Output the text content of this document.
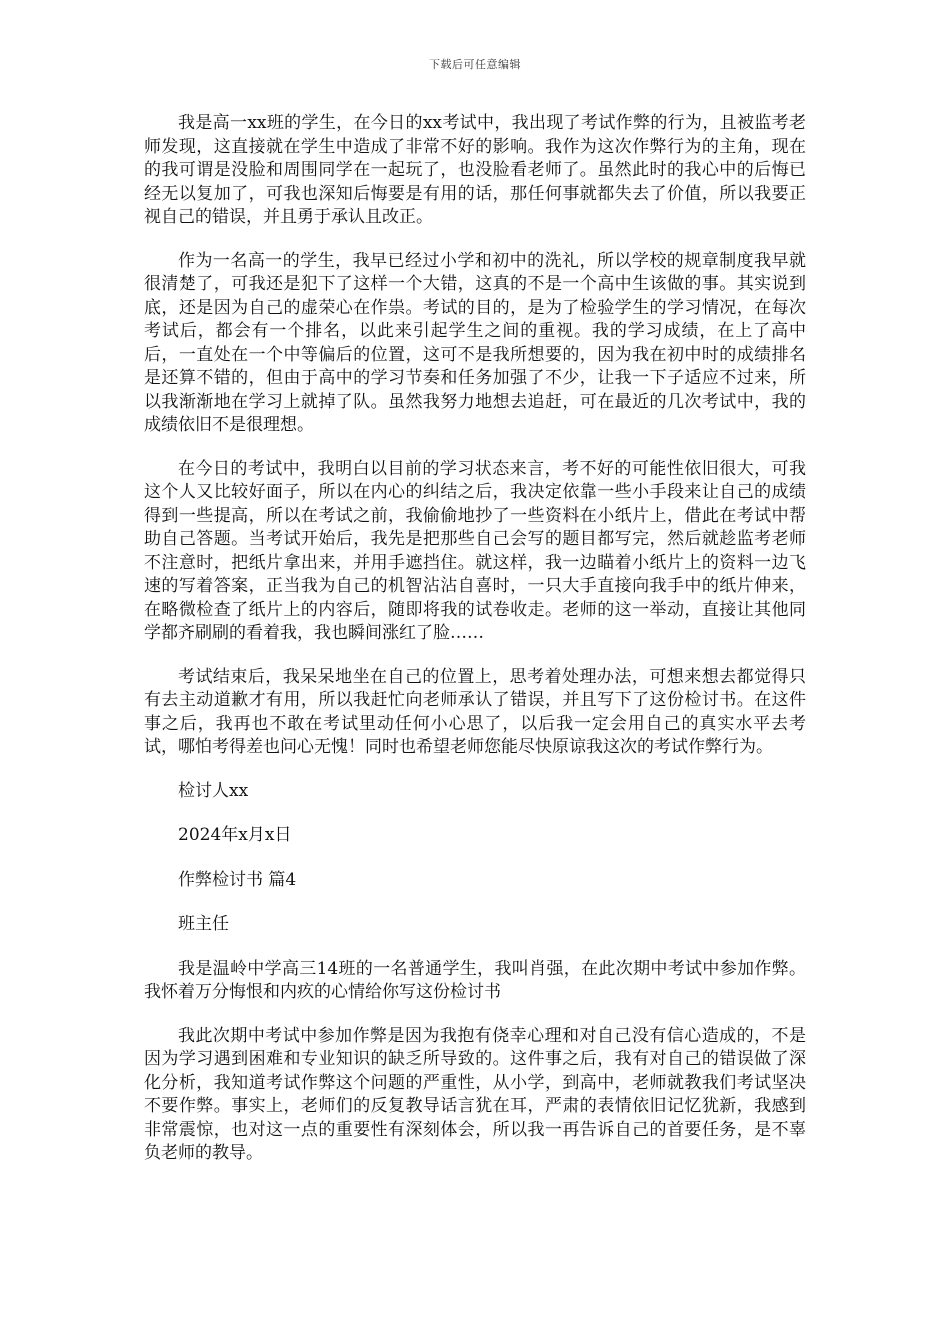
下载后可任意编辑

我是高一xx班的学生，在今日的xx考试中，我出现了考试作弊的行为，且被监考老师发现，这直接就在学生中造成了非常不好的影响。我作为这次作弊行为的主角，现在的我可谓是没脸和周围同学在一起玩了，也没脸看老师了。虽然此时的我心中的后悔已经无以复加了，可我也深知后悔要是有用的话，那任何事就都失去了价值，所以我要正视自己的错误，并且勇于承认且改正。

作为一名高一的学生，我早已经过小学和初中的洗礼，所以学校的规章制度我早就很清楚了，可我还是犯下了这样一个大错，这真的不是一个高中生该做的事。其实说到底，还是因为自己的虚荣心在作祟。考试的目的，是为了检验学生的学习情况，在每次考试后，都会有一个排名，以此来引起学生之间的重视。我的学习成绩，在上了高中后，一直处在一个中等偏后的位置，这可不是我所想要的，因为我在初中时的成绩排名是还算不错的，但由于高中的学习节奏和任务加强了不少，让我一下子适应不过来，所以我渐渐地在学习上就掉了队。虽然我努力地想去追赶，可在最近的几次考试中，我的成绩依旧不是很理想。

在今日的考试中，我明白以目前的学习状态来言，考不好的可能性依旧很大，可我这个人又比较好面子，所以在内心的纠结之后，我决定依靠一些小手段来让自己的成绩得到一些提高，所以在考试之前，我偷偷地抄了一些资料在小纸片上，借此在考试中帮助自己答题。当考试开始后，我先是把那些自己会写的题目都写完，然后就趁监考老师不注意时，把纸片拿出来，并用手遮挡住。就这样，我一边瞄着小纸片上的资料一边飞速的写着答案，正当我为自己的机智沾沾自喜时，一只大手直接向我手中的纸片伸来，在略微检查了纸片上的内容后，随即将我的试卷收走。老师的这一举动，直接让其他同学都齐刷刷的看着我，我也瞬间涨红了脸……

考试结束后，我呆呆地坐在自己的位置上，思考着处理办法，可想来想去都觉得只有去主动道歉才有用，所以我赶忙向老师承认了错误，并且写下了这份检讨书。在这件事之后，我再也不敢在考试里动任何小心思了，以后我一定会用自己的真实水平去考试，哪怕考得差也问心无愧！同时也希望老师您能尽快原谅我这次的考试作弊行为。

检讨人xx

2024年x月x日

作弊检讨书 篇4

班主任

我是温岭中学高三14班的一名普通学生，我叫肖强，在此次期中考试中参加作弊。我怀着万分悔恨和内疚的心情给你写这份检讨书

我此次期中考试中参加作弊是因为我抱有侥幸心理和对自己没有信心造成的，不是因为学习遇到困难和专业知识的缺乏所导致的。这件事之后，我有对自己的错误做了深化分析，我知道考试作弊这个问题的严重性，从小学，到高中，老师就教我们考试坚决不要作弊。事实上，老师们的反复教导话言犹在耳，严肃的表情依旧记忆犹新，我感到非常震惊，也对这一点的重要性有深刻体会，所以我一再告诉自己的首要任务，是不辜负老师的教导。
